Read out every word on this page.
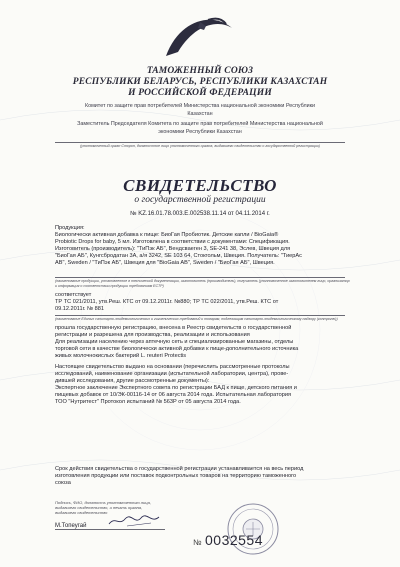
ТАМОЖЕННЫЙ СОЮЗ
РЕСПУБЛИКИ БЕЛАРУСЬ, РЕСПУБЛИКИ КАЗАХСТАН
И РОССИЙСКОЙ ФЕДЕРАЦИИ
Комитет по защите прав потребителей Министерства национальной экономики Республики
Казахстан
Заместитель Председателя Комитета по защите прав потребителей Министерства национальной
экономики Республики Казахстан
(уполномоченный орган Сторон, должностное лицо уполномоченного органа, выдавшего свидетельство о государственной регистрации)
СВИДЕТЕЛЬСТВО
о государственной регистрации
№ KZ.16.01.78.003.E.002538.11.14 от 04.11.2014 г.
Продукция:
Биологически активная добавка к пище: БиоГая Пробиотик. Детские капли / BioGaia®
Probiotic Drops for baby, 5 мл. Изготовлена в соответствии с документами: Спецификация.
Изготовитель (производитель): "ТиПэк АБ", Вендсваеген 3, SE-241 38, Эслев, Швеция для
"БиоГая АБ", Кунгсбродатан 3А, а/я 3242, SE 103 64, Стокгольм, Швеция. Получатель: "ТиерАс
AB", Sweden / "ТиПэк АБ", Швеция для "BioGaia AB", Sweden / "БиоГая АБ", Швеция.
(наименование продукции, установленное в технической документации, изготовитель (производитель), получатель (уполномоченное изготовителем лицо, организатор
и информация о соответствии продукции требованиям ЕСТР)
соответствует
ТР ТС 021/2011, утв.Реш. КТС от 09.12.2011г. №880; ТР ТС 022/2011, утв.Реш. КТС от
09.12.2011г. № 881
(наименование Единых санитарно-эпидемиологических и гигиенических требований к товарам, подлежащим санитарно-эпидемиологическому надзору (контролю))
прошла государственную регистрацию, внесена в Реестр свидетельств о государственной
регистрации и разрешена для производства, реализации и использования
Для реализации населению через аптечную сеть и специализированные магазины, отделы
торговой сети в качестве биологически активной добавки к пище-дополнительного источника
живых молочнокислых бактерий L. reuteri Protectis
Настоящее свидетельство выдано на основании (перечислить рассмотренные протоколы
исследований, наименование организации (испытательной лаборатории, центра), прове-
дившей исследования, другие рассмотренные документы):
Экспертное заключение Экспертного совета по регистрации БАД к пище, детского питания и
пищевых добавок от 10/ЭК-00116-14 от 06 августа 2014 года. Испытательная лаборатория
ТОО "Нутритест" Протокол испытаний № 563Р от 05 августа 2014 года.
Срок действия свидетельства о государственной регистрации устанавливается на весь период
изготовления продукции или поставок подконтрольных товаров на территорию таможенного
союза
Подпись, ФИО, должность уполномоченного лица,
выдавшего свидетельство, и печать органа,
выдавшего свидетельство
М.Топеугай
№ 0032554
